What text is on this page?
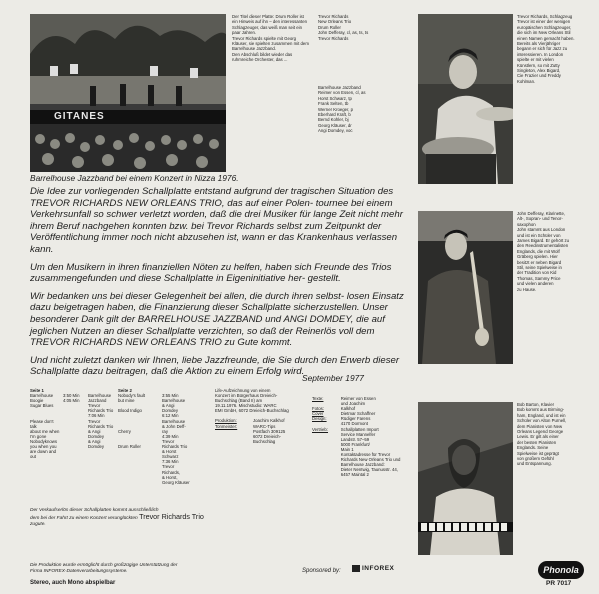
GITANES
Barrelhouse Jazzband bei einem Konzert in Nizza 1976.
Der Titel dieser Platte: Drum Roller ist ein Hinweis auf ihn – den interessanten Schlagzeuger, das weiß man seit ein paar Jahren.
Trevor Richards spielte mit Georg Kläuser, sie spielten zusammen mit dem Barrelhouse Jazzband.
Den Abschluß bildet wieder das ruhmreiche Orchester, das ...
Trevor Richards
New Orleans Trio
Drum Roller
John Defferay, cl, as, ts, ts
Trevor Richards
Barrelhouse Jazzband
Reimer von Essen, cl, as
Horst Schwarz, tp
Frank Selten, tb
Werner Kroeger, p
Eberhard Kraft, b
Bernd Kohler, bj
Georg Kläuser, dr
Angi Domdey, voc

Die Idee zur vorliegenden Schallplatte entstand aufgrund der tragischen Situation des TREVOR RICHARDS NEW ORLEANS TRIO, das auf einer Polen- tournee bei einem Verkehrsunfall so schwer verletzt worden, daß die drei Musiker für lange Zeit nicht mehr ihrem Beruf nachgehen konnten bzw. bei Trevor Richards selbst zum Zeitpunkt der Veröffentlichung immer noch nicht abzusehen ist, wann er das Krankenhaus verlassen kann.

Um den Musikern in ihren finanziellen Nöten zu helfen, haben sich Freunde des Trios zusammengefunden und diese Schallplatte in Eigeninitiative her- gestellt.

Wir bedanken uns bei dieser Gelegenheit bei allen, die durch ihren selbst- losen Einsatz dazu beigetragen haben, die Finanzierung dieser Schallplatte sicherzustellen. Unser besonderer Dank gilt der BARRELHOUSE JAZZBAND und ANGI DOMDEY, die auf jeglichen Nutzen an dieser Schallplatte verzichten, so daß der Reinerlös voll dem TREVOR RICHARDS NEW ORLEANS TRIO zu Gute kommt.

Und nicht zuletzt danken wir Ihnen, liebe Jazzfreunde, die Sie durch den Erwerb dieser Schallplatte dazu beitragen, daß die Aktion zu einem Erfolg wird.

September 1977
Seite 1
Barrelhouse
Boogie
Sugar Blues

Please don't talk
about me when
I'm gone
Nobodyknows
you when you
are down and out
3:50 Min
4:05 Min

Barrelhouse
Jazzband
Trevor
Richards Trio
7:06 Min
Trevor
Richards Trio
& Angi
Domdey
& Angi
Domdey
Seite 2
Nobody's fault
but mine

Blood Indigo

Cherry

Drum Roller
3:55 Min
Barrelhouse
& Angi
Domdey
6:12 Min
Barrelhouse
& John Deff-
ray
4:39 Min
Trevor
Richards Trio
& Horst
Schwarz
7:36 Min
Trevor
Richards,
& Horst,
Georg Kläuser
Life-Aufzeichnung von einem
Konzert im Bürgerhaus Dreieich-
Buchschlag (Band II) am
19.11.1976. Mischstudio: WARC
EMI GmbH, 6072 Dreieich-Buchschlag
Produktion:
Tonmeister:
Joachim Kalkhof
WARC-Tips
Postfach 309125
6072 Dreieich-
Buchschlag
Texte:

Fotos:
Cover Design:

Vertrieb:
Reimer von Essen
und Joachim
Kalkhof
Dietmar Schaffner
Rüdiger Farens
4170 Dormont
Schallplatten Import
Service Mannelfer
Landstr. 57–59
5000 Frankfurt/
Main 1
Kontaktadresse für Trevor
Richards New Orleans Trio und
Barrelhouse Jazzband:
Dieter Nentwig, Taunusstr. 44,
6457 Maintal 2
Der Verkaufserlös dieser Schallplatten kommt ausschließlich
dem bei der Fahrt zu einem Konzert verunglückten Trevor Richards Trio
zugute.
Die Produktion wurde ermöglicht durch großzügige Unterstützung der
Firma INFOREX-Datenverarbeitungssysteme.	Sponsored by:	INFOREX
Stereo, auch Mono abspielbar
Trevor Richards, Schlagzeug
Trevor ist einer der wenigen
europäischen Schlagzeuger,
die sich im New Orleans Stil
einen Namen gemacht haben.
Bereits als Vierjähriger
begann er sich für Jazz zu
interessieren. In London
spielte er mit vielen
Künstlern, so mit Zutty
Singleton, Alex Bigard,
Cie Frazier und Freddy
Kohlman.
John Defferay, Klarinette,
Alt-, Sopran- und Tenor-
saxophon
John stammt aus London
und ist ein Schüler von
James Bigard. Er gehört zu
den Reedinstrumentalisten
Englands, die mit Wolf
Gräberg spielen. Hier
besitzt er neben Bigard
Stil, seine Spielweise in
der Tradition von Kid
Thomas, Sammy Price
und vielen anderen
zu Hause.
Bob Barton, Klavier
Bob kommt aus Birming-
ham, England, und ist ein
Schüler von Alton Purnell,
dem Pianisten von New
Orleans Legend George
Lewis. Er gilt als einer
der besten Pianisten
Englands. Seine
Spielweise ist geprägt
von großem Gefühl
und Entspannung.
Phonola
PR 7017
